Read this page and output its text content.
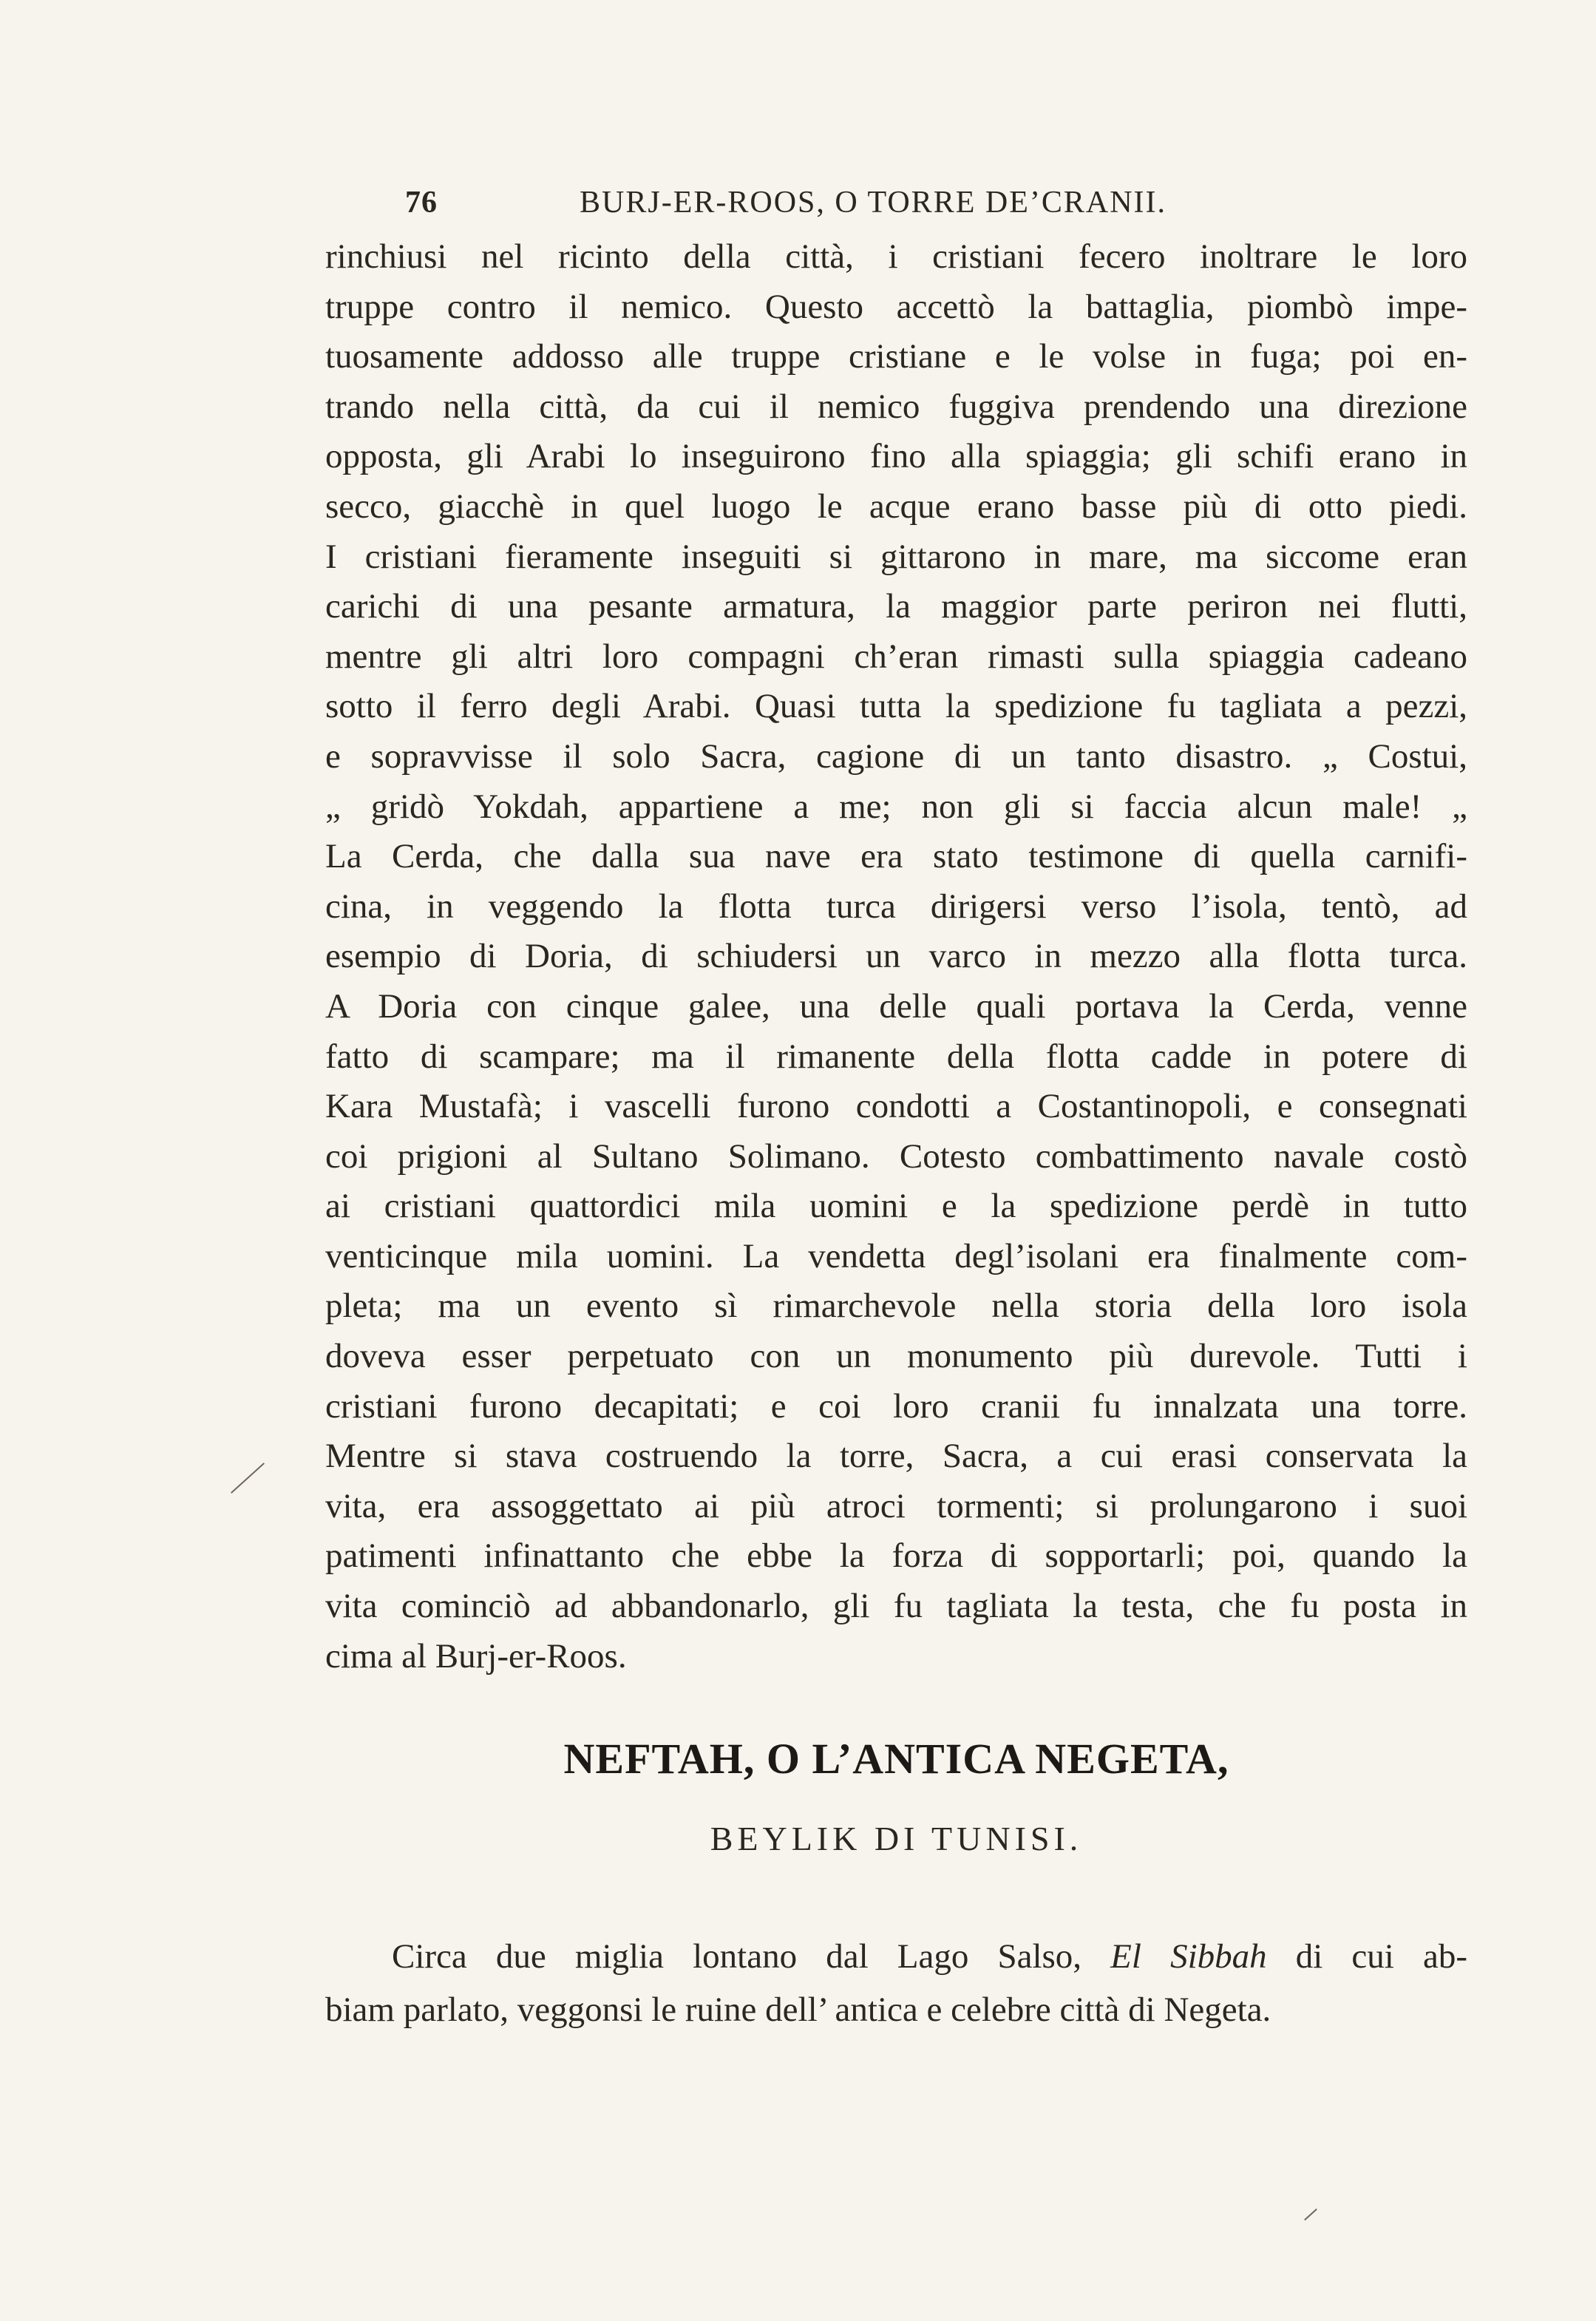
76	BURJ-ER-ROOS, O TORRE DE’CRANII.
rinchiusi nel ricinto della città, i cristiani fecero inoltrare le loro
truppe contro il nemico. Questo accettò la battaglia, piombò impe-
tuosamente addosso alle truppe cristiane e le volse in fuga; poi en-
trando nella città, da cui il nemico fuggiva prendendo una direzione
opposta, gli Arabi lo inseguirono fino alla spiaggia; gli schifi erano in
secco, giacchè in quel luogo le acque erano basse più di otto piedi.
I cristiani fieramente inseguiti si gittarono in mare, ma siccome eran
carichi di una pesante armatura, la maggior parte periron nei flutti,
mentre gli altri loro compagni ch’eran rimasti sulla spiaggia cadeano
sotto il ferro degli Arabi. Quasi tutta la spedizione fu tagliata a pezzi,
e sopravvisse il solo Sacra, cagione di un tanto disastro. „ Costui,
„ gridò Yokdah, appartiene a me; non gli si faccia alcun male! „
La Cerda, che dalla sua nave era stato testimone di quella carnifi-
cina, in veggendo la flotta turca dirigersi verso l’isola, tentò, ad
esempio di Doria, di schiudersi un varco in mezzo alla flotta turca.
A Doria con cinque galee, una delle quali portava la Cerda, venne
fatto di scampare; ma il rimanente della flotta cadde in potere di
Kara Mustafà; i vascelli furono condotti a Costantinopoli, e consegnati
coi prigioni al Sultano Solimano. Cotesto combattimento navale costò
ai cristiani quattordici mila uomini e la spedizione perdè in tutto
venticinque mila uomini. La vendetta degl’isolani era finalmente com-
pleta; ma un evento sì rimarchevole nella storia della loro isola
doveva esser perpetuato con un monumento più durevole. Tutti i
cristiani furono decapitati; e coi loro cranii fu innalzata una torre.
Mentre si stava costruendo la torre, Sacra, a cui erasi conservata la
vita, era assoggettato ai più atroci tormenti; si prolungarono i suoi
patimenti infinattanto che ebbe la forza di sopportarli; poi, quando la
vita cominciò ad abbandonarlo, gli fu tagliata la testa, che fu posta in
cima al Burj-er-Roos.
NEFTAH, O L’ANTICA NEGETA,
BEYLIK DI TUNISI.
Circa due miglia lontano dal Lago Salso, El Sibbah di cui ab-
biam parlato, veggonsi le ruine dell’ antica e celebre città di Negeta.
